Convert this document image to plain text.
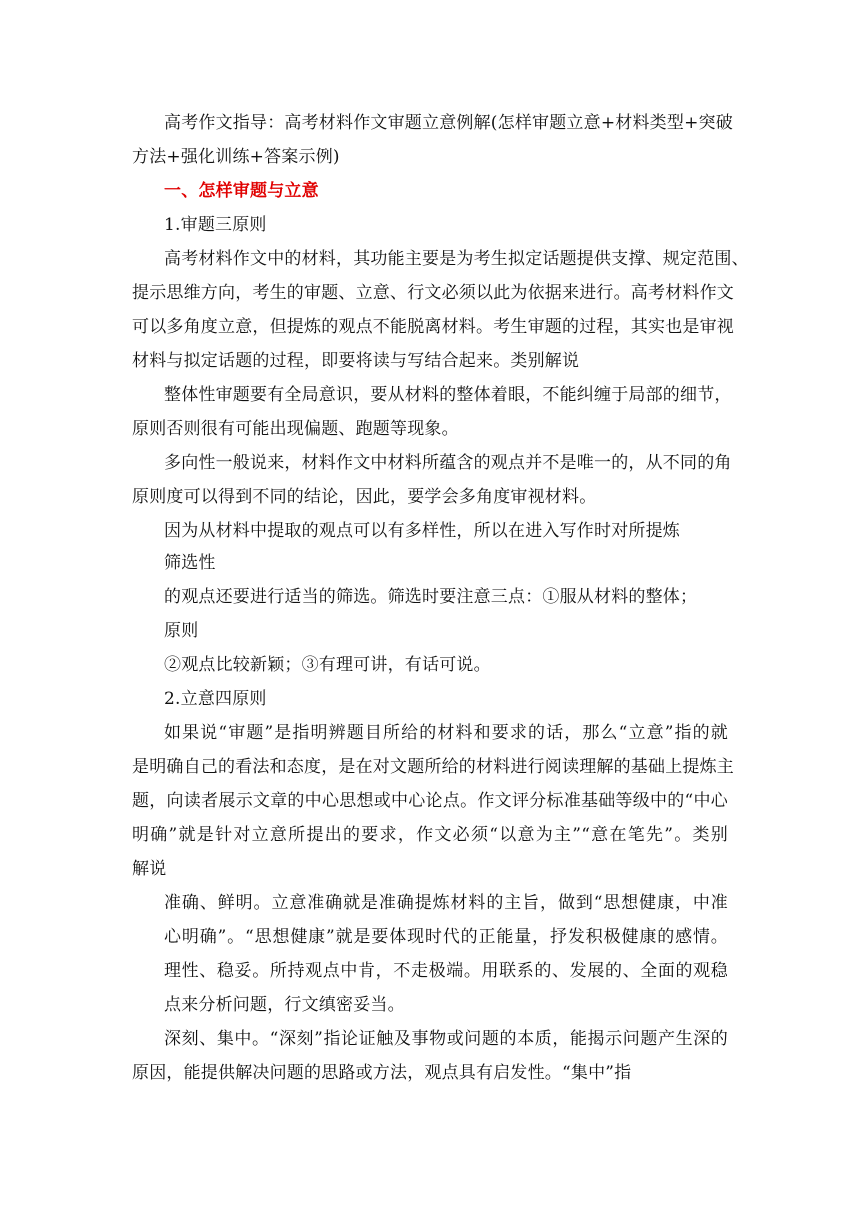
高考作文指导：高考材料作文审题立意例解(怎样审题立意+材料类型+突破

方法+强化训练+答案示例)

一、怎样审题与立意

1.审题三原则

高考材料作文中的材料，其功能主要是为考生拟定话题提供支撑、规定范围、

提示思维方向，考生的审题、立意、行文必须以此为依据来进行。高考材料作文

可以多角度立意，但提炼的观点不能脱离材料。考生审题的过程，其实也是审视

材料与拟定话题的过程，即要将读与写结合起来。类别解说

整体性审题要有全局意识，要从材料的整体着眼，不能纠缠于局部的细节，

原则否则很有可能出现偏题、跑题等现象。

多向性一般说来，材料作文中材料所蕴含的观点并不是唯一的，从不同的角

原则度可以得到不同的结论，因此，要学会多角度审视材料。

因为从材料中提取的观点可以有多样性，所以在进入写作时对所提炼

筛选性

的观点还要进行适当的筛选。筛选时要注意三点：①服从材料的整体；

原则

②观点比较新颖；③有理可讲，有话可说。

2.立意四原则

如果说“审题”是指明辨题目所给的材料和要求的话，那么“立意”指的就

是明确自己的看法和态度，是在对文题所给的材料进行阅读理解的基础上提炼主

题，向读者展示文章的中心思想或中心论点。作文评分标准基础等级中的“中心

明确”就是针对立意所提出的要求，作文必须“以意为主”“意在笔先”。类别

解说

准确、鲜明。立意准确就是准确提炼材料的主旨，做到“思想健康，中准

心明确”。“思想健康”就是要体现时代的正能量，抒发积极健康的感情。

理性、稳妥。所持观点中肯，不走极端。用联系的、发展的、全面的观稳

点来分析问题，行文缜密妥当。

深刻、集中。“深刻”指论证触及事物或问题的本质，能揭示问题产生深的

原因，能提供解决问题的思路或方法，观点具有启发性。“集中”指
